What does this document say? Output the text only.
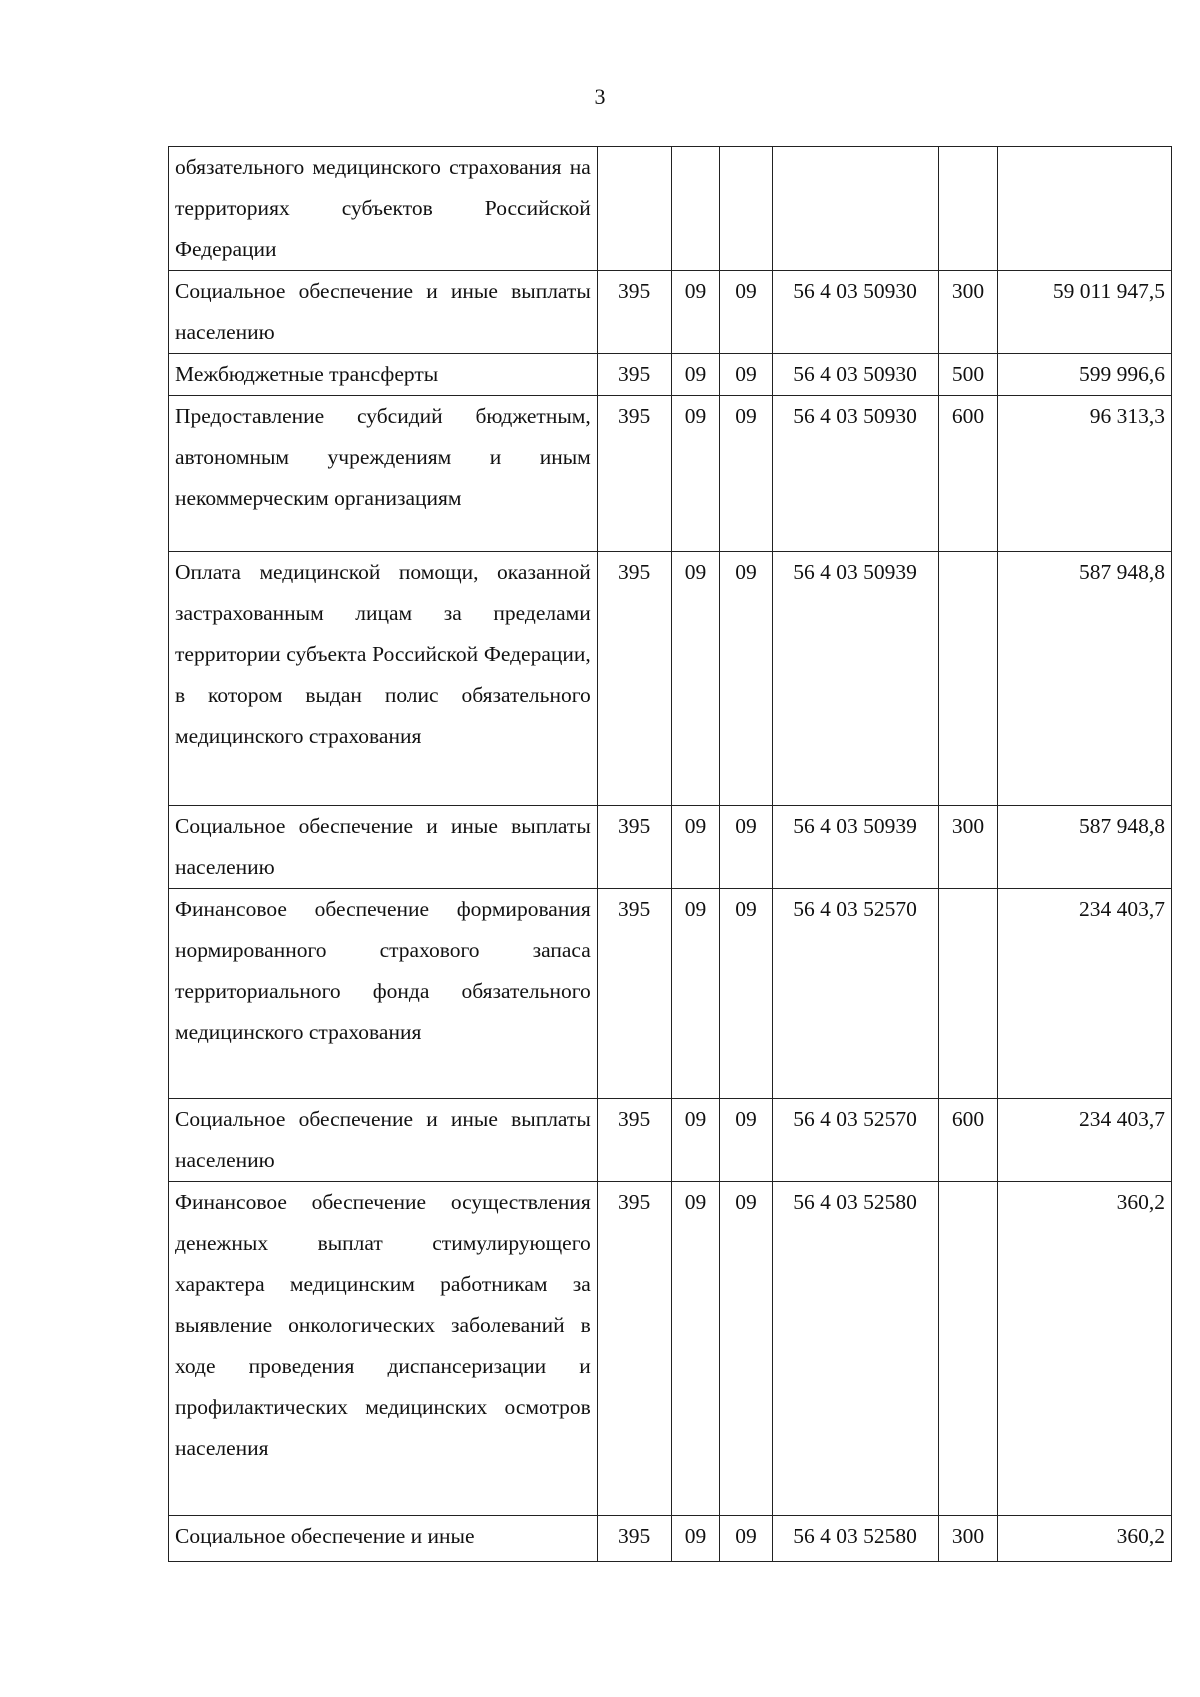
3
обязательного медицинского страхования на территориях субъектов Российской Федерации						
Социальное обеспечение и иные выплаты населению	395	09	09	56 4 03 50930	300	59 011 947,5
Межбюджетные трансферты	395	09	09	56 4 03 50930	500	599 996,6
Предоставление субсидий бюджетным, автономным учреждениям и иным некоммерческим организациям	395	09	09	56 4 03 50930	600	96 313,3
Оплата медицинской помощи, оказанной застрахованным лицам за пределами территории субъекта Российской Федерации, в котором выдан полис обязательного медицинского страхования	395	09	09	56 4 03 50939		587 948,8
Социальное обеспечение и иные выплаты населению	395	09	09	56 4 03 50939	300	587 948,8
Финансовое обеспечение формирования нормированного страхового запаса территориального фонда обязательного медицинского страхования	395	09	09	56 4 03 52570		234 403,7
Социальное обеспечение и иные выплаты населению	395	09	09	56 4 03 52570	600	234 403,7
Финансовое обеспечение осуществления денежных выплат стимулирующего характера медицинским работникам за выявление онкологических заболеваний в ходе проведения диспансеризации и профилактических медицинских осмотров населения	395	09	09	56 4 03 52580		360,2
Социальное обеспечение и иные	395	09	09	56 4 03 52580	300	360,2
